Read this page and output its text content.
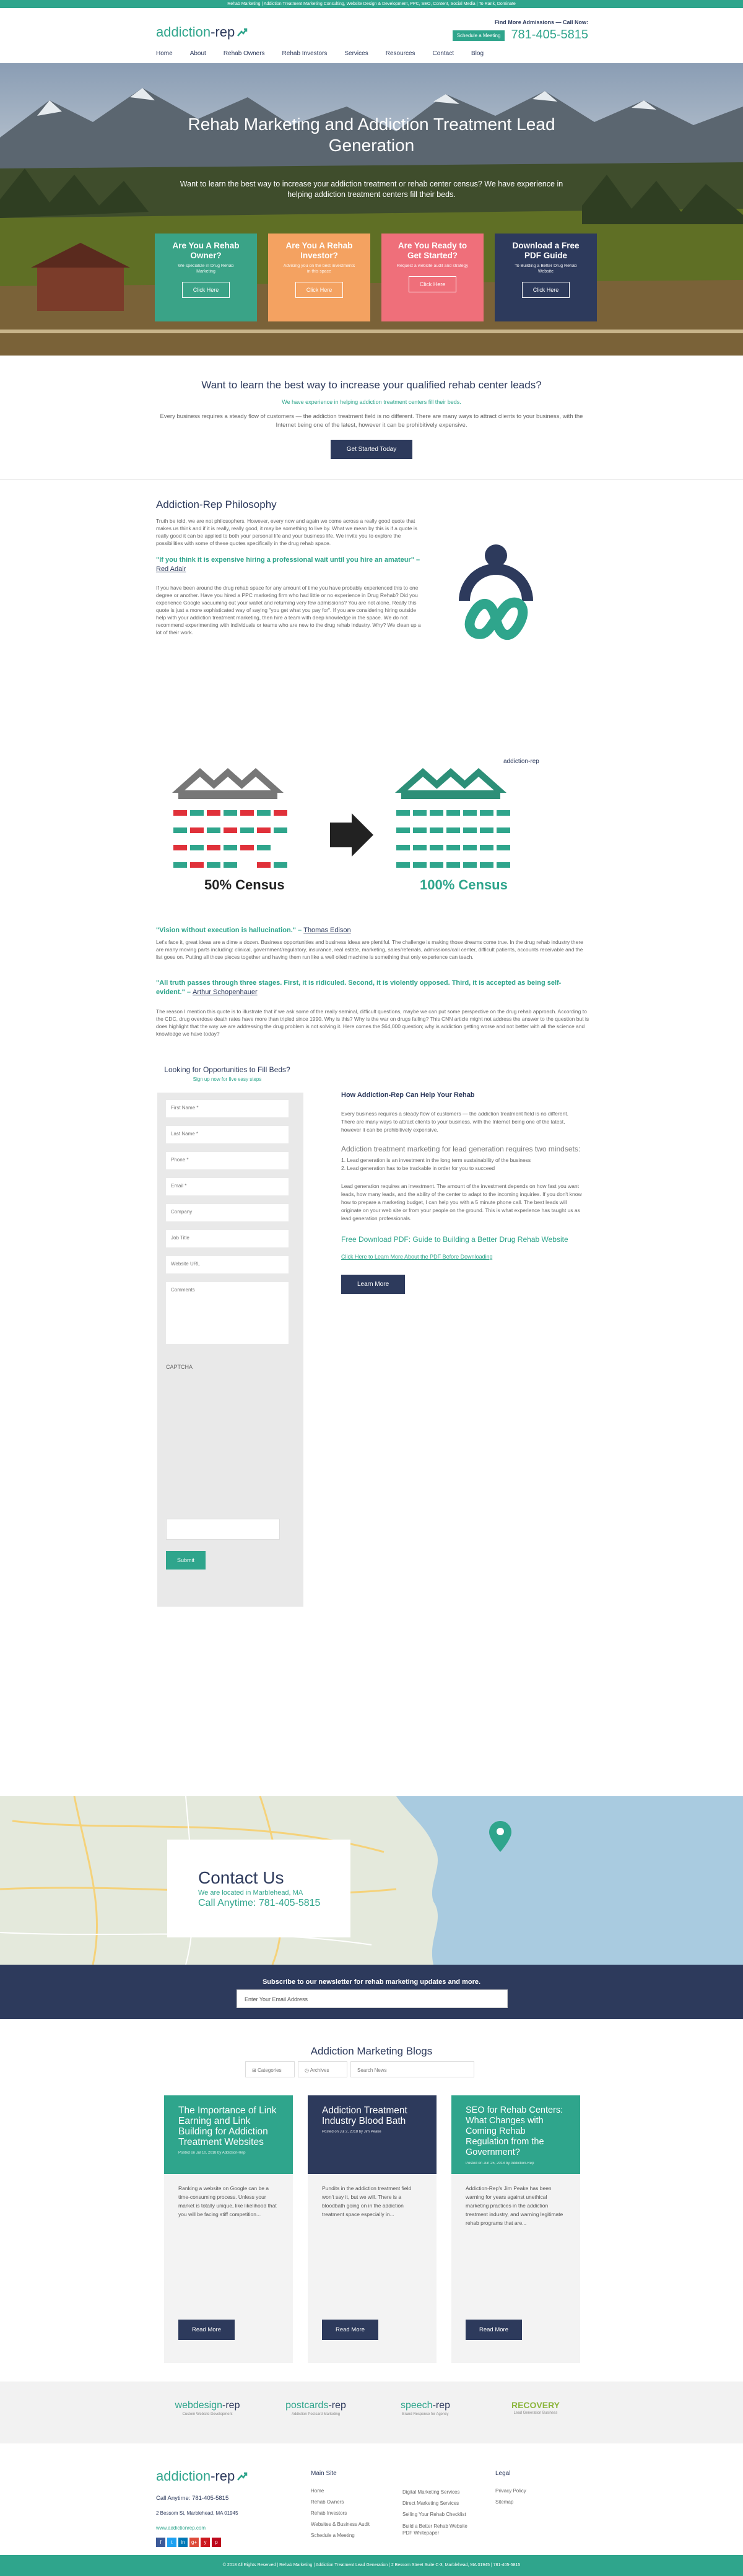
Rehab Marketing | Addiction Treatment Marketing Consulting, Website Design & Development, PPC, SEO, Content, Social Media | To Rank, Dominate
addiction-rep
Find More Admissions — Call Now:
Schedule a Meeting 781-405-5815
Home	About	Rehab Owners	Rehab Investors	Services	Resources	Contact	Blog
Rehab Marketing and Addiction Treatment Lead Generation
Want to learn the best way to increase your addiction treatment or rehab center census? We have experience in helping addiction treatment centers fill their beds.
Are You A Rehab Owner?

We specialize in Drug Rehab Marketing

Click Here
Are You A Rehab Investor?

Advising you on the best investments in this space

Click Here
Are You Ready to Get Started?

Request a website audit and strategy

Click Here
Download a Free PDF Guide

To Building a Better Drug Rehab Website

Click Here
Want to learn the best way to increase your qualified rehab center leads?
We have experience in helping addiction treatment centers fill their beds.
Every business requires a steady flow of customers — the addiction treatment field is no different. There are many ways to attract clients to your business, with the Internet being one of the latest, however it can be prohibitively expensive.
Get Started Today
Addiction-Rep Philosophy
Truth be told, we are not philosophers. However, every now and again we come across a really good quote that makes us think and if it is really, really good, it may be something to live by. What we mean by this is if a quote is really good it can be applied to both your personal life and your business life. We invite you to explore the possibilities with some of these quotes specifically in the drug rehab space.
"If you think it is expensive hiring a professional wait until you hire an amateur" – Red Adair
If you have been around the drug rehab space for any amount of time you have probably experienced this to one degree or another. Have you hired a PPC marketing firm who had little or no experience in Drug Rehab? Did you experience Google vacuuming out your wallet and returning very few admissions? You are not alone. Really this quote is just a more sophisticated way of saying "you get what you pay for". If you are considering hiring outside help with your addiction treatment marketing, then hire a team with deep knowledge in the space. We do not recommend experimenting with individuals or teams who are new to the drug rehab industry. Why? We clean up a lot of their work.
addiction-rep
50% Census	100% Census
"Vision without execution is hallucination." – Thomas Edison
Let's face it, great ideas are a dime a dozen. Business opportunities and business ideas are plentiful. The challenge is making those dreams come true. In the drug rehab industry there are many moving parts including: clinical, government/regulatory, insurance, real estate, marketing, sales/referrals, admissions/call center, difficult patients, accounts receivable and the list goes on. Putting all those pieces together and having them run like a well oiled machine is something that only experience can teach.
"All truth passes through three stages. First, it is ridiculed. Second, it is violently opposed. Third, it is accepted as being self-evident." – Arthur Schopenhauer
The reason I mention this quote is to illustrate that if we ask some of the really seminal, difficult questions, maybe we can put some perspective on the drug rehab approach. According to the CDC, drug overdose death rates have more than tripled since 1990. Why is this? Why is the war on drugs failing? This CNN article might not address the answer to the question but is does highlight that the way we are addressing the drug problem is not solving it. Here comes the $64,000 question; why is addiction getting worse and not better with all the science and knowledge we have today?
Looking for Opportunities to Fill Beds?
Sign up now for five easy steps
First Name *
Last Name *
Phone *
Email *
Company
Job Title
Website URL
Comments
CAPTCHA
Submit
How Addiction-Rep Can Help Your Rehab

Every business requires a steady flow of customers — the addiction treatment field is no different. There are many ways to attract clients to your business, with the Internet being one of the latest, however it can be prohibitively expensive.

Addiction treatment marketing for lead generation requires two mindsets:

1. Lead generation is an investment in the long term sustainability of the business

2. Lead generation has to be trackable in order for you to succeed

Lead generation requires an investment. The amount of the investment depends on how fast you want leads, how many leads, and the ability of the center to adapt to the incoming inquiries. If you don't know how to prepare a marketing budget, I can help you with a 5 minute phone call. The best leads will originate on your web site or from your people on the ground. This is what experience has taught us as lead generation professionals.

Free Download PDF: Guide to Building a Better Drug Rehab Website
Click Here to Learn More About the PDF Before Downloading
Learn More
Contact Us
We are located in Marblehead, MA
Call Anytime: 781-405-5815
Subscribe to our newsletter for rehab marketing updates and more.
Enter Your Email Address
Addiction Marketing Blogs
⊞ Categories	◷ Archives	Search News
The Importance of Link Earning and Link Building for Addiction Treatment Websites
Posted on Jul 10, 2018 by Addiction-Rep
Ranking a website on Google can be a time-consuming process. Unless your market is totally unique, like likelihood that you will be facing stiff competition...
Read More
Addiction Treatment Industry Blood Bath
Posted on Jul 2, 2018 by Jim Peake
Pundits in the addiction treatment field won't say it, but we will. There is a bloodbath going on in the addiction treatment space especially in...
Read More
SEO for Rehab Centers: What Changes with Coming Rehab Regulation from the Government?
Posted on Jun 25, 2018 by Addiction-Rep
Addiction-Rep's Jim Peake has been warning for years against unethical marketing practices in the addiction treatment industry, and warning legitimate rehab programs that are...
Read More
webdesign-rep
Custom Website Development
postcards-rep
Addiction Postcard Marketing
speech-rep
Brand Response for Agency
RECOVERY
Lead Generation Business
addiction-rep
Call Anytime: 781-405-5815
2 Bessom St, Marblehead, MA 01945
www.addictionrep.com
f	t	in	g+	y	p
Main Site
Home
Rehab Owners
Rehab Investors
Websites & Business Audit
Schedule a Meeting
Digital Marketing Services
Direct Marketing Services
Selling Your Rehab Checklist
Build a Better Rehab Website PDF Whitepaper
Legal
Privacy Policy
Sitemap
© 2018 All Rights Reserved | Rehab Marketing | Addiction Treatment Lead Generation | 2 Bessom Street Suite C-3, Marblehead, MA 01945 | 781-405-5815
